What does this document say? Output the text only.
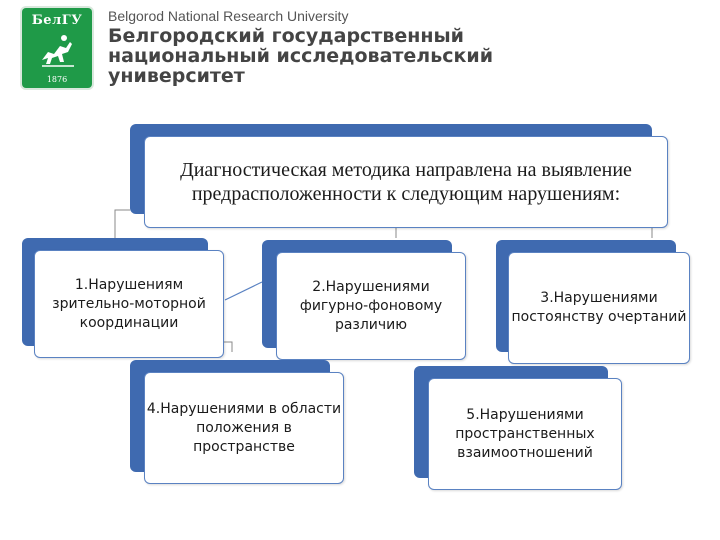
БелГУ
1876
Belgorod National Research University
Белгородский государственный
национальный исследовательский
университет
Диагностическая методика направлена на выявление предрасположенности к следующим нарушениям:
1.Нарушениям зрительно-моторной координации
2.Нарушениями фигурно-фоновому различию
3.Нарушениями постоянству очертаний
4.Нарушениями в области положения в пространстве
5.Нарушениями пространственных взаимоотношений
